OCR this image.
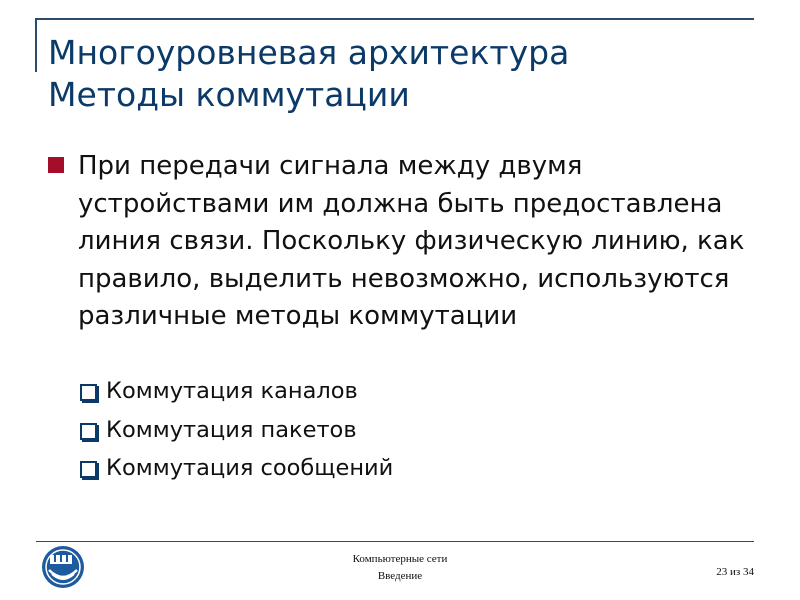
Многоуровневая архитектура
Методы коммутации
При передачи сигнала между двумя устройствами им должна быть предоставлена линия связи. Поскольку физическую линию, как правило, выделить невозможно, используются различные методы коммутации
Коммутация каналов
Коммутация пакетов
Коммутация сообщений
Компьютерные сети
Введение	23 из 34
